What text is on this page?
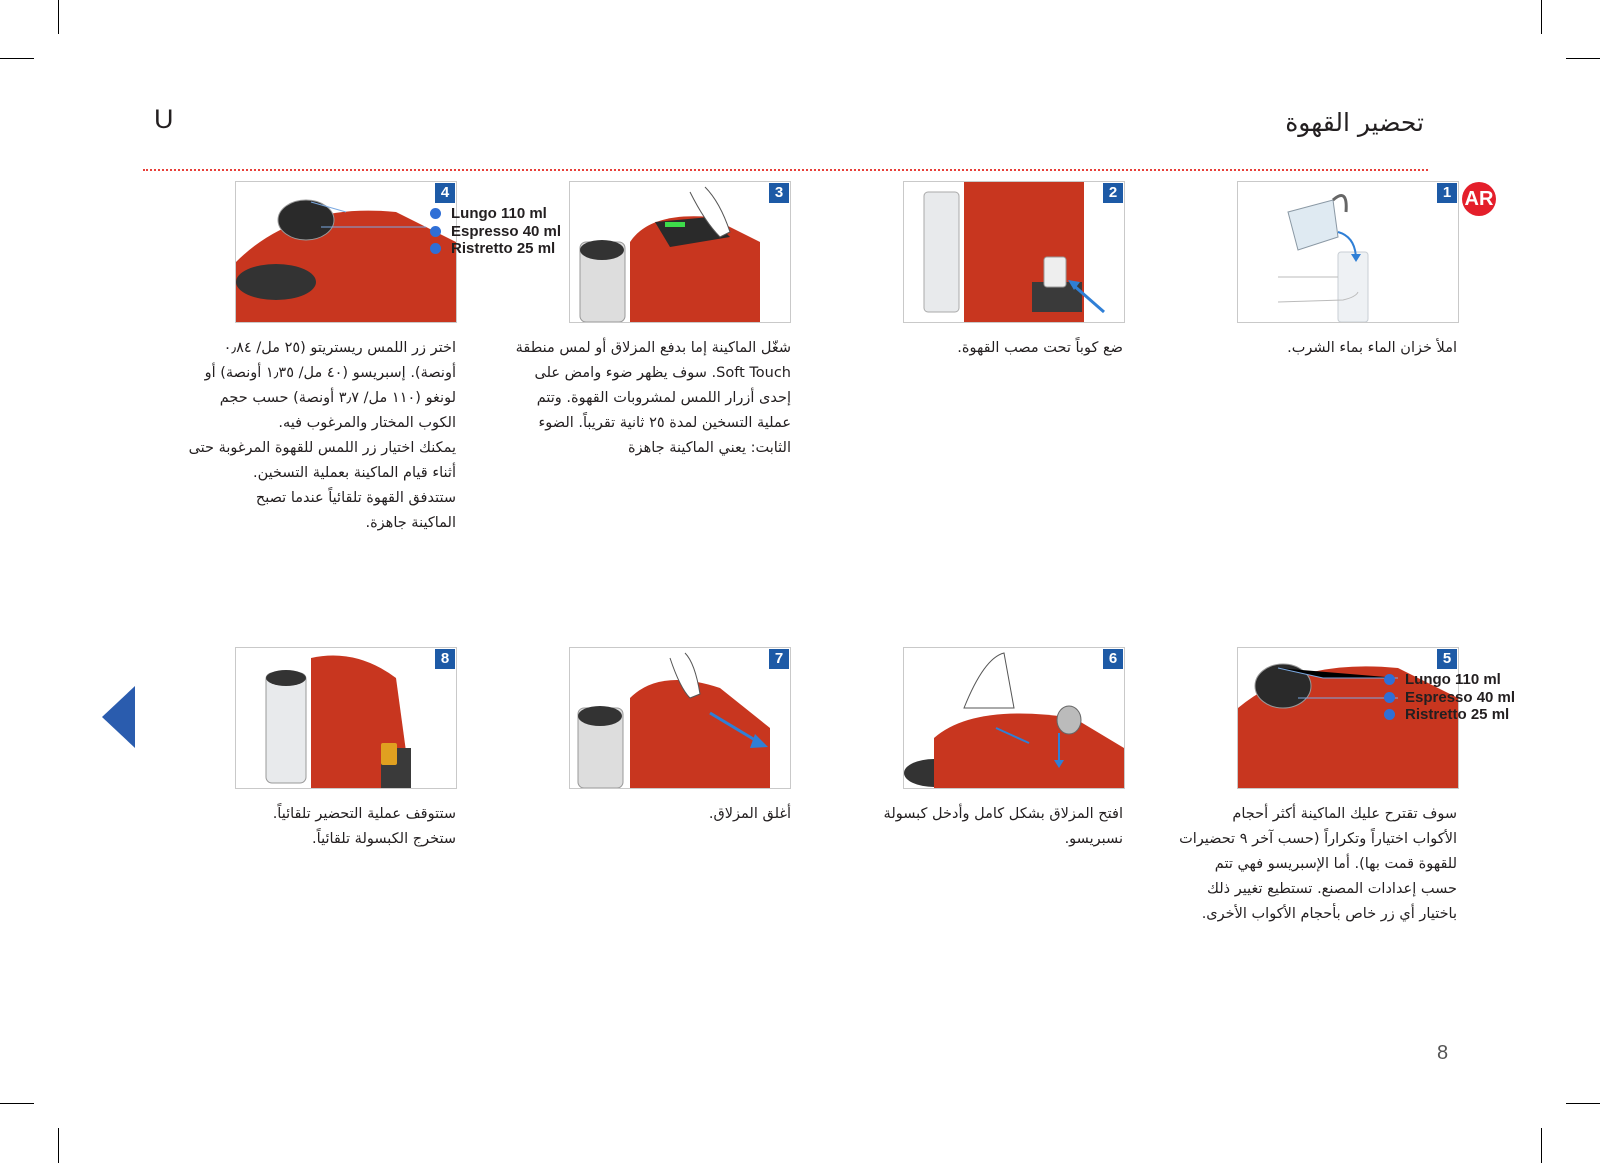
U	تحضير القهوة
AR
1
املأ خزان الماء بماء الشرب.
2
ضع كوباً تحت مصب القهوة.
3
شغّل الماكينة إما بدفع المزلاق أو لمس منطقة
Soft Touch. سوف يظهر ضوء وامض على
إحدى أزرار اللمس لمشروبات القهوة. وتتم
عملية التسخين لمدة ٢٥ ثانية تقريباً. الضوء
الثابت: يعني الماكينة جاهزة
4
Lungo 110 ml
Espresso 40 ml
Ristretto 25 ml
اختر زر اللمس ريستريتو (٢٥ مل/ ٠٫٨٤
أونصة). إسبريسو (٤٠ مل/ ١٫٣٥ أونصة) أو
لونغو (١١٠ مل/ ٣٫٧ أونصة) حسب حجم
الكوب المختار والمرغوب فيه.
يمكنك اختيار زر اللمس للقهوة المرغوبة حتى
أثناء قيام الماكينة بعملية التسخين.
ستتدفق القهوة تلقائياً عندما تصبح
الماكينة جاهزة.
5
Lungo 110 ml
Espresso 40 ml
Ristretto 25 ml
سوف تقترح عليك الماكينة أكثر أحجام
الأكواب اختياراً وتكراراً (حسب آخر ٩ تحضيرات
للقهوة قمت بها). أما الإسبريسو فهي تتم
حسب إعدادات المصنع. تستطيع تغيير ذلك
باختيار أي زر خاص بأحجام الأكواب الأخرى.
6
افتح المزلاق بشكل كامل وأدخل كبسولة
نسبريسو.
7
أغلق المزلاق.
8
ستتوقف عملية التحضير تلقائياً.
ستخرج الكبسولة تلقائياً.
8
